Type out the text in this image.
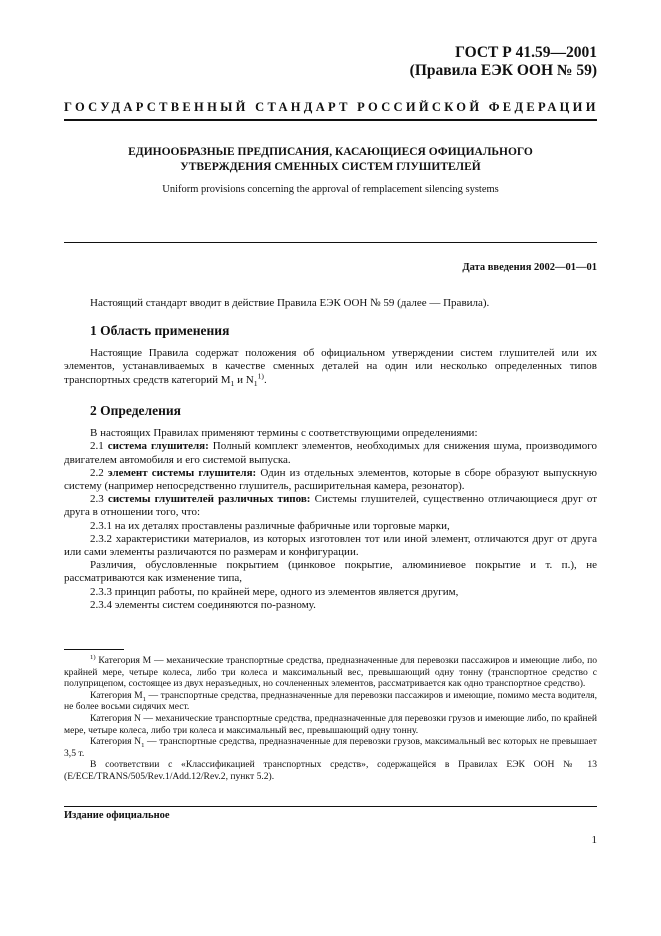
ГОСТ Р 41.59—2001
(Правила ЕЭК ООН № 59)
ГОСУДАРСТВЕННЫЙ СТАНДАРТ РОССИЙСКОЙ ФЕДЕРАЦИИ
ЕДИНООБРАЗНЫЕ ПРЕДПИСАНИЯ, КАСАЮЩИЕСЯ ОФИЦИАЛЬНОГО
УТВЕРЖДЕНИЯ СМЕННЫХ СИСТЕМ ГЛУШИТЕЛЕЙ
Uniform provisions concerning the approval of remplacement silencing systems
Дата введения 2002—01—01

Настоящий стандарт вводит в действие Правила ЕЭК ООН № 59 (далее — Правила).

1 Область применения

Настоящие Правила содержат положения об официальном утверждении систем глушителей или их элементов, устанавливаемых в качестве сменных деталей на один или несколько определенных типов транспортных средств категорий $М_1$ и $N_1^{1)}$.

2 Определения

В настоящих Правилах применяют термины с соответствующими определениями:

2.1 система глушителя: Полный комплект элементов, необходимых для снижения шума, производимого двигателем автомобиля и его системой выпуска.

2.2 элемент системы глушителя: Один из отдельных элементов, которые в сборе образуют выпускную систему (например непосредственно глушитель, расширительная камера, резонатор).

2.3 системы глушителей различных типов: Системы глушителей, существенно отличающиеся друг от друга в отношении того, что:

2.3.1 на их деталях проставлены различные фабричные или торговые марки,

2.3.2 характеристики материалов, из которых изготовлен тот или иной элемент, отличаются друг от друга или сами элементы различаются по размерам и конфигурации.

Различия, обусловленные покрытием (цинковое покрытие, алюминиевое покрытие и т. п.), не рассматриваются как изменение типа,

2.3.3 принцип работы, по крайней мере, одного из элементов является другим,

2.3.4 элементы систем соединяются по-разному.

$^{1)}$ Категория М — механические транспортные средства, предназначенные для перевозки пассажиров и имеющие либо, по крайней мере, четыре колеса, либо три колеса и максимальный вес, превышающий одну тонну (транспортное средство с полуприцепом, состоящее из двух неразъедных, но сочлененных элементов, рассматривается как одно транспортное средство).

Категория $М_1$ — транспортные средства, предназначенные для перевозки пассажиров и имеющие, помимо места водителя, не более восьми сидячих мест.

Категория N — механические транспортные средства, предназначенные для перевозки грузов и имеющие либо, по крайней мере, четыре колеса, либо три колеса и максимальный вес, превышающий одну тонну.

Категория $N_1$ — транспортные средства, предназначенные для перевозки грузов, максимальный вес которых не превышает 3,5 т.

В соответствии с «Классификацией транспортных средств», содержащейся в Правилах ЕЭК ООН № 13 (E/ECE/TRANS/505/Rev.1/Add.12/Rev.2, пункт 5.2).

Издание официальное
1
